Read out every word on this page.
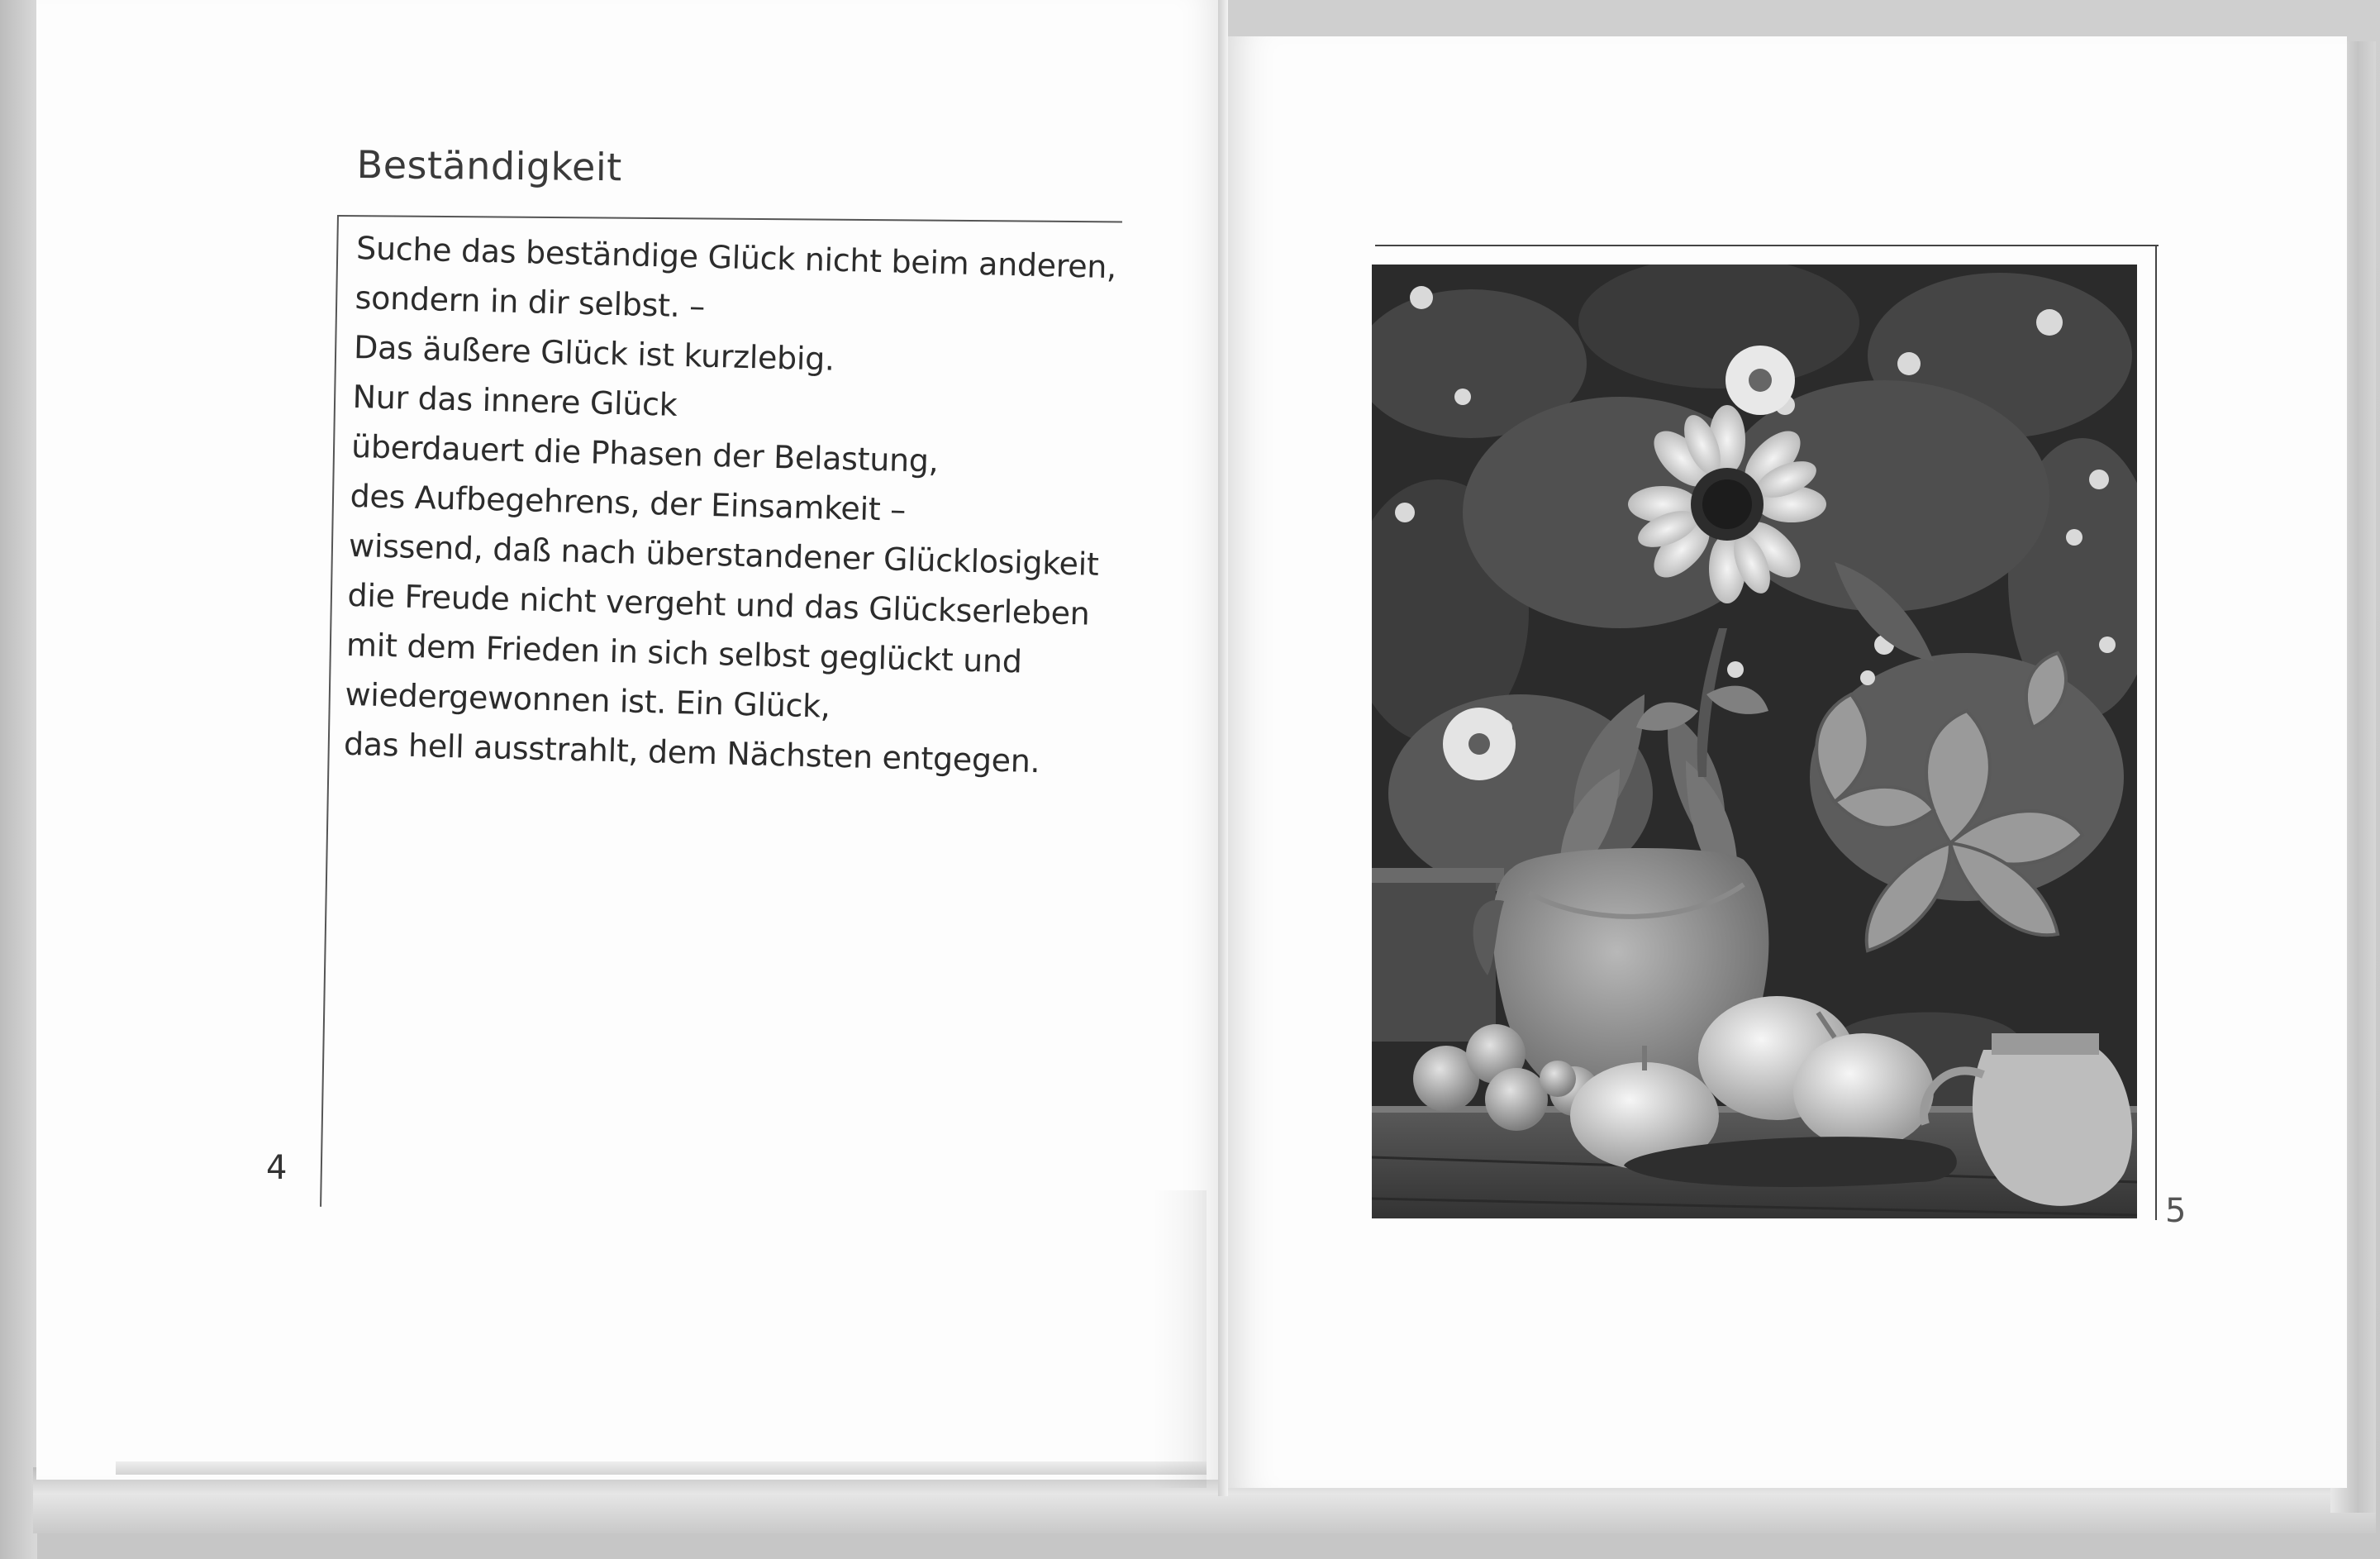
Beständigkeit
Suche das beständige Glück nicht beim anderen,
sondern in dir selbst. –
Das äußere Glück ist kurzlebig.
Nur das innere Glück
überdauert die Phasen der Belastung,
des Aufbegehrens, der Einsamkeit –
wissend, daß nach überstandener Glücklosigkeit
die Freude nicht vergeht und das Glückserleben
mit dem Frieden in sich selbst geglückt und
wiedergewonnen ist. Ein Glück,
das hell ausstrahlt, dem Nächsten entgegen.
4
5
